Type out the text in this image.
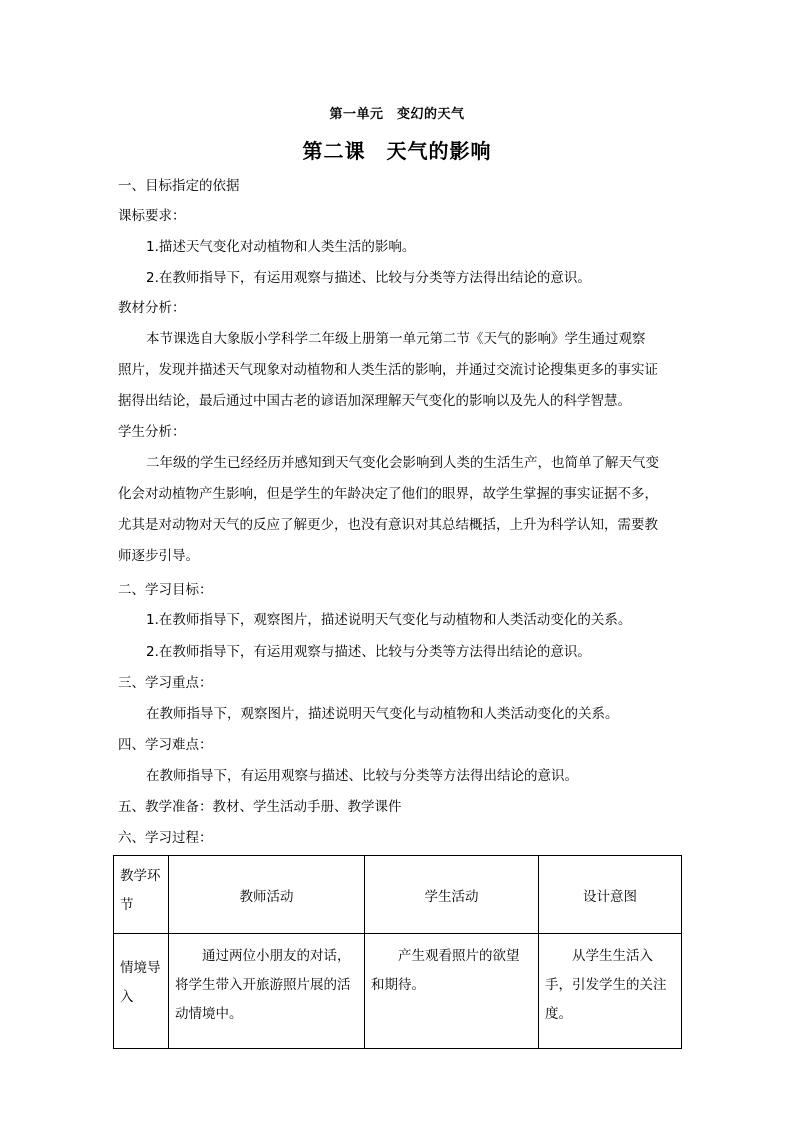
第一单元　变幻的天气
第二课　天气的影响
一、目标指定的依据
课标要求：
1.描述天气变化对动植物和人类生活的影响。
2.在教师指导下，有运用观察与描述、比较与分类等方法得出结论的意识。
教材分析：
本节课选自大象版小学科学二年级上册第一单元第二节《天气的影响》学生通过观察
照片，发现并描述天气现象对动植物和人类生活的影响，并通过交流讨论搜集更多的事实证
据得出结论，最后通过中国古老的谚语加深理解天气变化的影响以及先人的科学智慧。
学生分析：
二年级的学生已经经历并感知到天气变化会影响到人类的生活生产，也简单了解天气变
化会对动植物产生影响，但是学生的年龄决定了他们的眼界，故学生掌握的事实证据不多，
尤其是对动物对天气的反应了解更少，也没有意识对其总结概括，上升为科学认知，需要教
师逐步引导。
二、学习目标：
1.在教师指导下，观察图片，描述说明天气变化与动植物和人类活动变化的关系。
2.在教师指导下，有运用观察与描述、比较与分类等方法得出结论的意识。
三、学习重点：
在教师指导下，观察图片，描述说明天气变化与动植物和人类活动变化的关系。
四、学习难点：
在教师指导下，有运用观察与描述、比较与分类等方法得出结论的意识。
五、教学准备：教材、学生活动手册、教学课件
六、学习过程：
教学环节	教师活动	学生活动	设计意图
情境导入	通过两位小朋友的对话，将学生带入开旅游照片展的活动情境中。	产生观看照片的欲望和期待。	从学生生活入手，引发学生的关注度。
